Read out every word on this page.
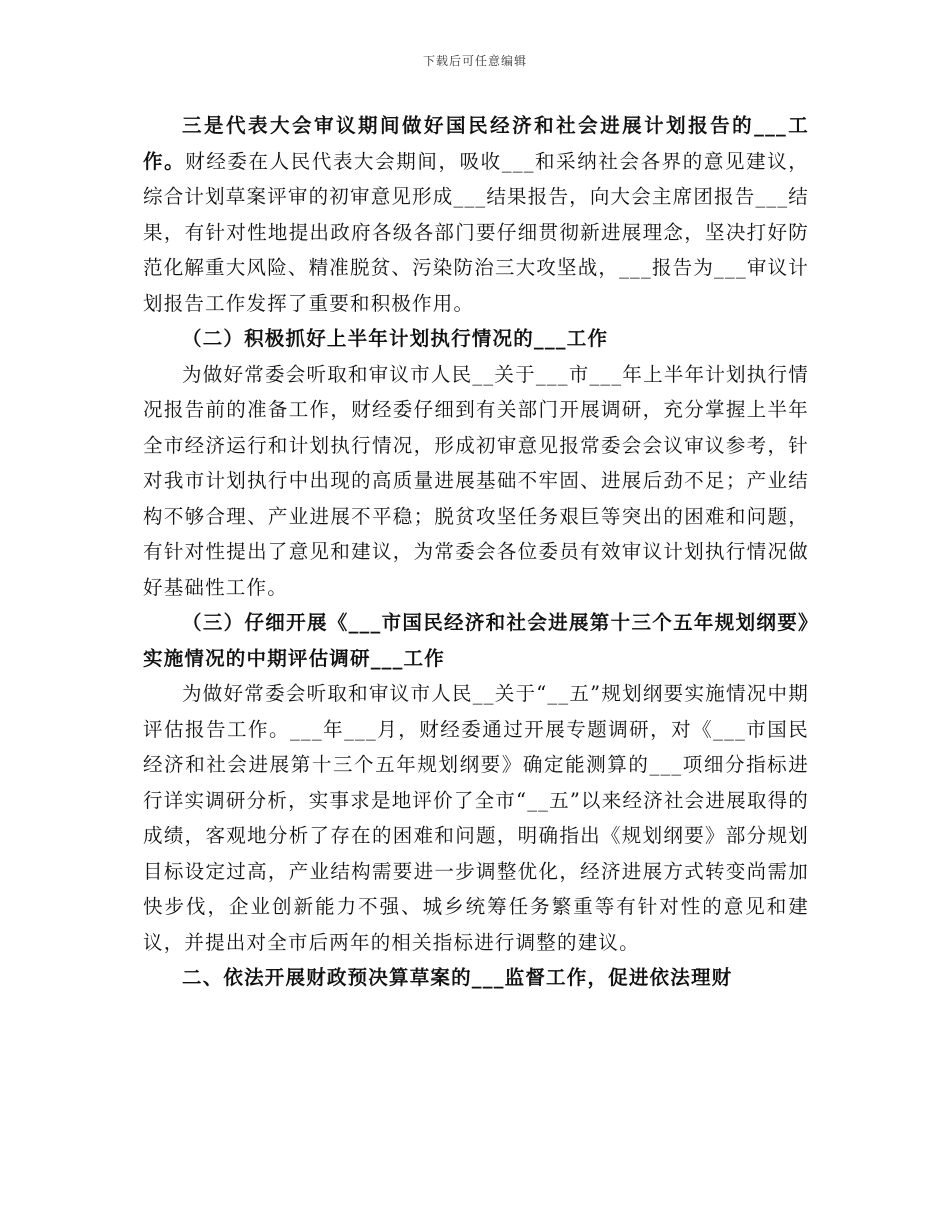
下载后可任意编辑

三是代表大会审议期间做好国民经济和社会进展计划报告的___工作。财经委在人民代表大会期间，吸收___和采纳社会各界的意见建议，综合计划草案评审的初审意见形成___结果报告，向大会主席团报告___结果，有针对性地提出政府各级各部门要仔细贯彻新进展理念，坚决打好防范化解重大风险、精准脱贫、污染防治三大攻坚战，___报告为___审议计划报告工作发挥了重要和积极作用。

（二）积极抓好上半年计划执行情况的___工作

为做好常委会听取和审议市人民__关于___市___年上半年计划执行情况报告前的准备工作，财经委仔细到有关部门开展调研，充分掌握上半年全市经济运行和计划执行情况，形成初审意见报常委会会议审议参考，针对我市计划执行中出现的高质量进展基础不牢固、进展后劲不足；产业结构不够合理、产业进展不平稳；脱贫攻坚任务艰巨等突出的困难和问题，有针对性提出了意见和建议，为常委会各位委员有效审议计划执行情况做好基础性工作。

（三）仔细开展《___市国民经济和社会进展第十三个五年规划纲要》实施情况的中期评估调研___工作

为做好常委会听取和审议市人民__关于“__五”规划纲要实施情况中期评估报告工作。___年___月，财经委通过开展专题调研，对《___市国民经济和社会进展第十三个五年规划纲要》确定能测算的___项细分指标进行详实调研分析，实事求是地评价了全市“__五”以来经济社会进展取得的成绩，客观地分析了存在的困难和问题，明确指出《规划纲要》部分规划目标设定过高，产业结构需要进一步调整优化，经济进展方式转变尚需加快步伐，企业创新能力不强、城乡统筹任务繁重等有针对性的意见和建议，并提出对全市后两年的相关指标进行调整的建议。

二、依法开展财政预决算草案的___监督工作，促进依法理财
